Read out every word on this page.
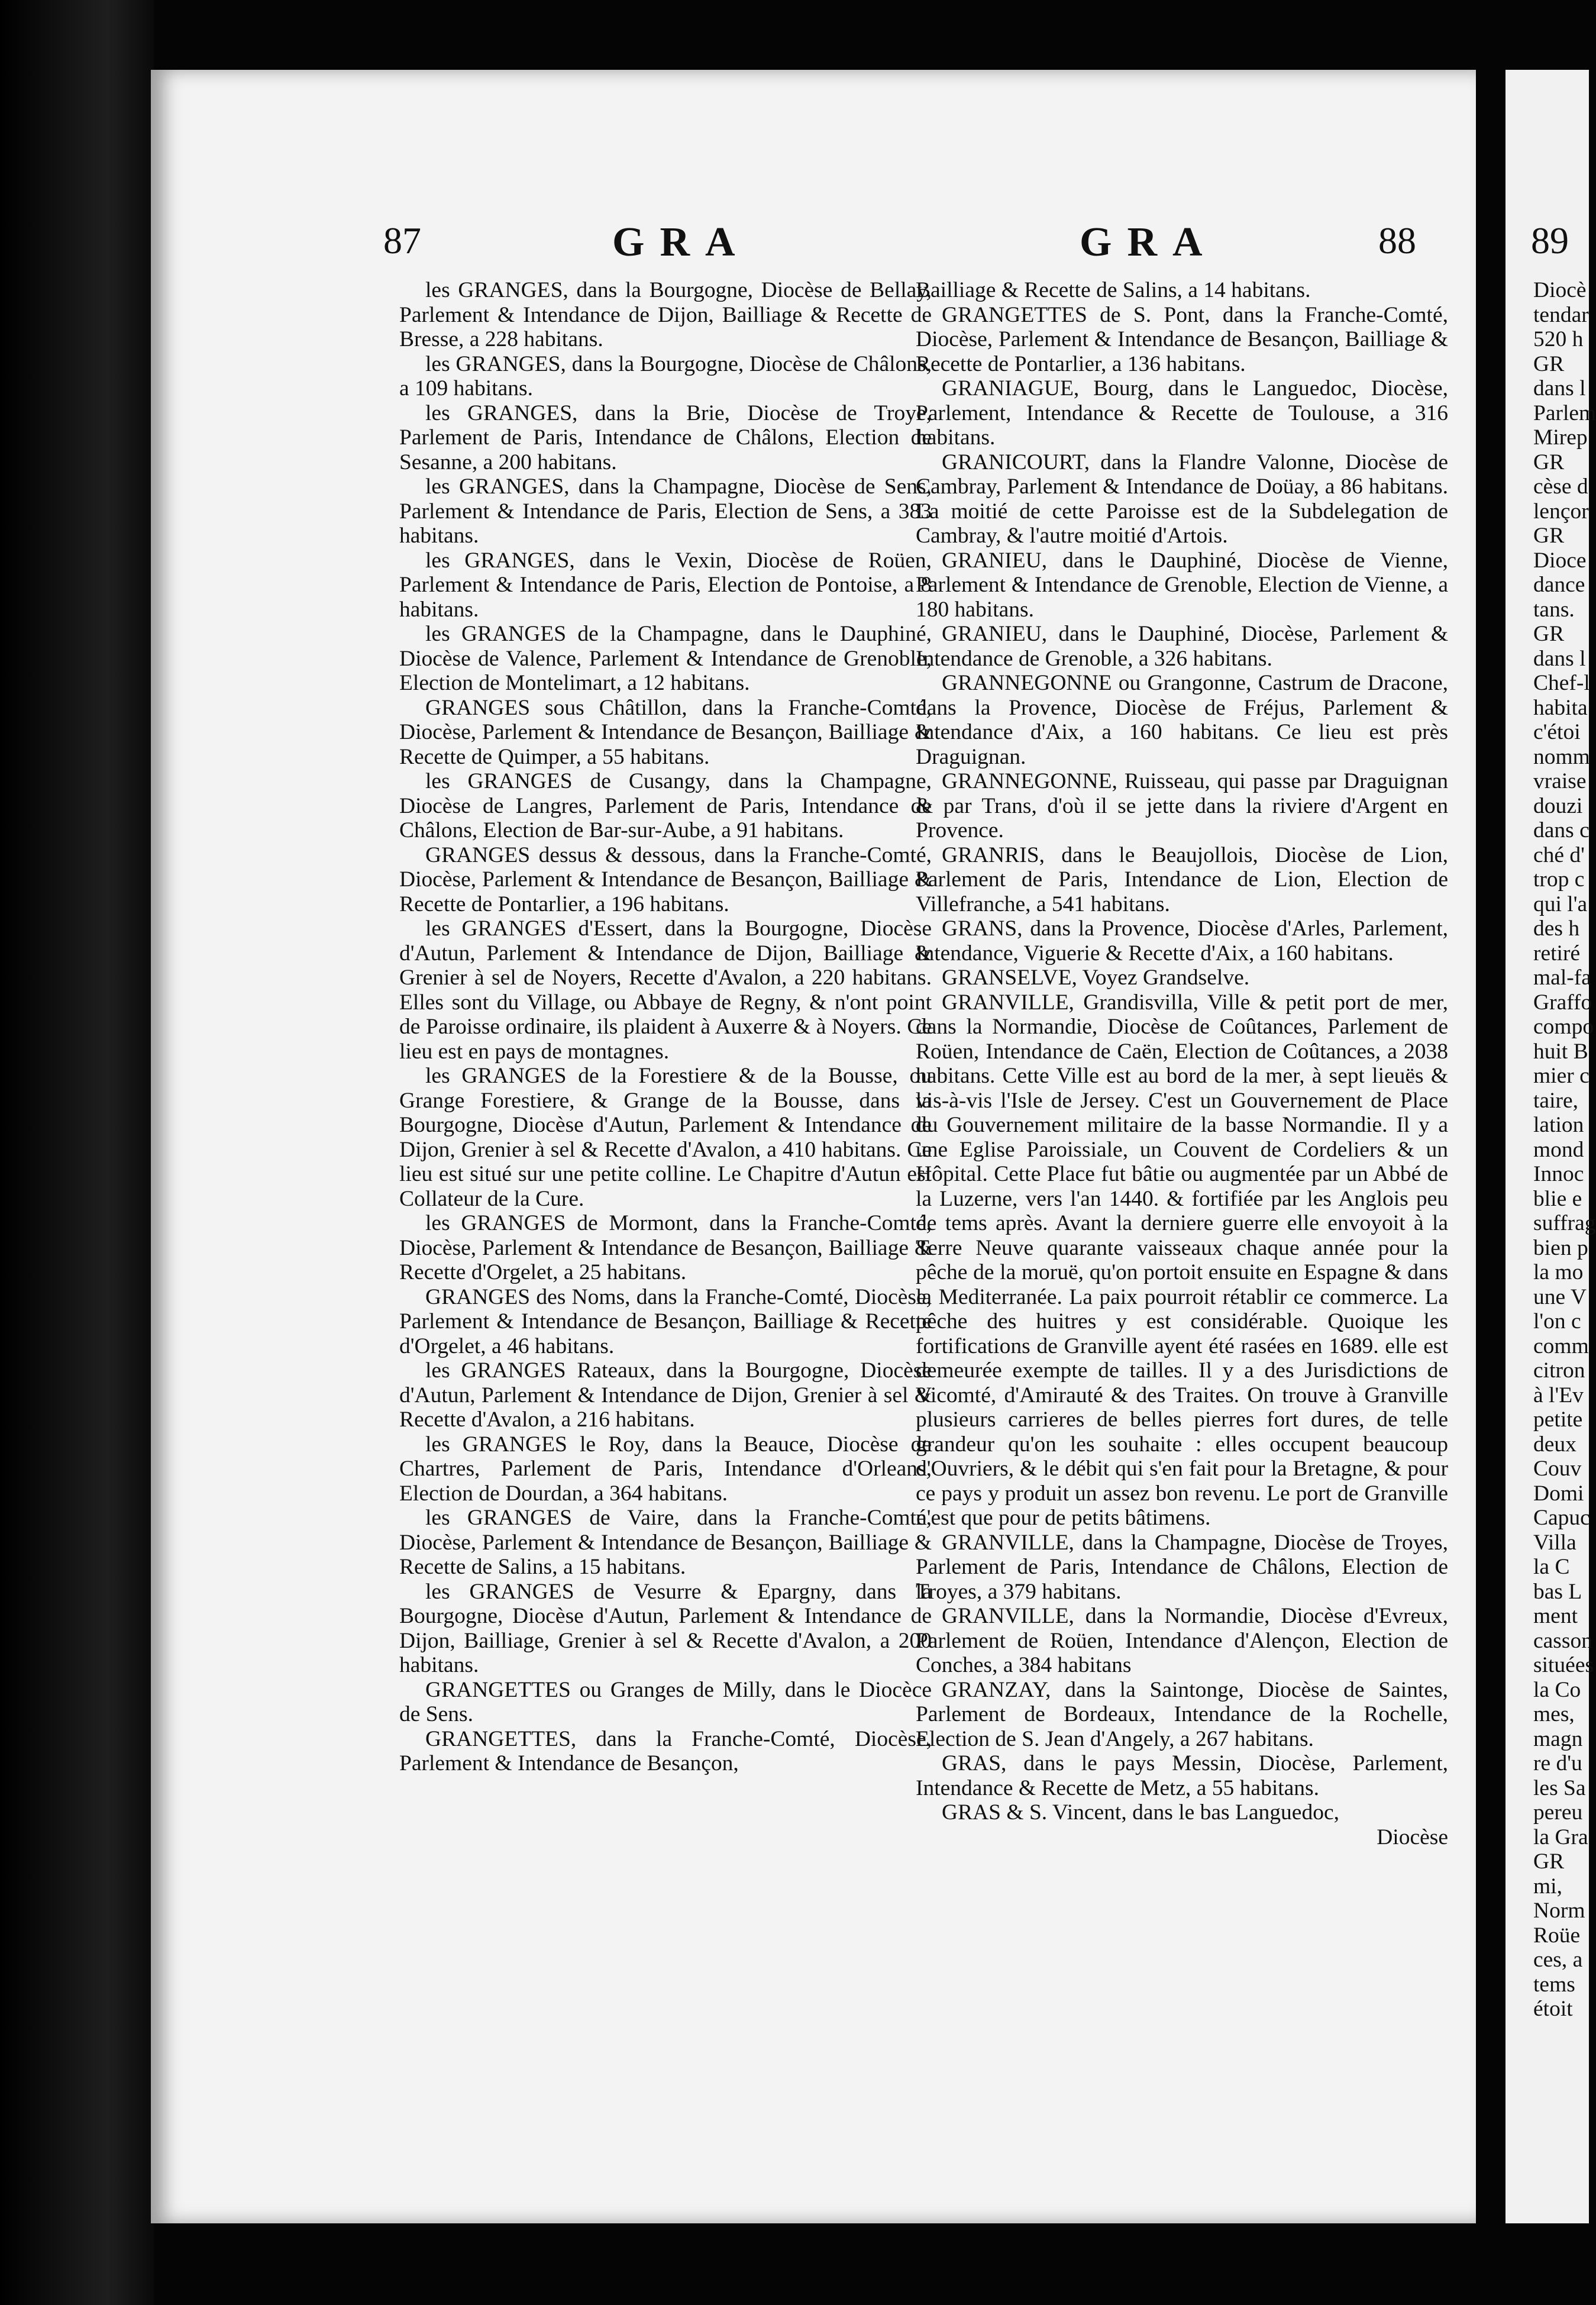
87	GRA	GRA	88	89

les GRANGES, dans la Bourgogne, Diocèse de Bellay, Parlement & Intendance de Dijon, Bailliage & Recette de Bresse, a 228 habitans.

les GRANGES, dans la Bourgogne, Diocèse de Châlons, a 109 habitans.

les GRANGES, dans la Brie, Diocèse de Troye, Parlement de Paris, Intendance de Châlons, Election de Sesanne, a 200 habitans.

les GRANGES, dans la Champagne, Diocèse de Sens, Parlement & Intendance de Paris, Election de Sens, a 383 habitans.

les GRANGES, dans le Vexin, Diocèse de Roüen, Parlement & Intendance de Paris, Election de Pontoise, a 8 habitans.

les GRANGES de la Champagne, dans le Dauphiné, Diocèse de Valence, Parlement & Intendance de Grenoble, Election de Montelimart, a 12 habitans.

GRANGES sous Châtillon, dans la Franche-Comté, Diocèse, Parlement & Intendance de Besançon, Bailliage & Recette de Quimper, a 55 habitans.

les GRANGES de Cusangy, dans la Champagne, Diocèse de Langres, Parlement de Paris, Intendance de Châlons, Election de Bar-sur-Aube, a 91 habitans.

GRANGES dessus & dessous, dans la Franche-Comté, Diocèse, Parlement & Intendance de Besançon, Bailliage & Recette de Pontarlier, a 196 habitans.

les GRANGES d'Essert, dans la Bourgogne, Diocèse d'Autun, Parlement & Intendance de Dijon, Bailliage & Grenier à sel de Noyers, Recette d'Avalon, a 220 habitans. Elles sont du Village, ou Abbaye de Regny, & n'ont point de Paroisse ordinaire, ils plaident à Auxerre & à Noyers. Ce lieu est en pays de montagnes.

les GRANGES de la Forestiere & de la Bousse, ou Grange Forestiere, & Grange de la Bousse, dans la Bourgogne, Diocèse d'Autun, Parlement & Intendance de Dijon, Grenier à sel & Recette d'Avalon, a 410 habitans. Ce lieu est situé sur une petite colline. Le Chapitre d'Autun est Collateur de la Cure.

les GRANGES de Mormont, dans la Franche-Comté, Diocèse, Parlement & Intendance de Besançon, Bailliage & Recette d'Orgelet, a 25 habitans.

GRANGES des Noms, dans la Franche-Comté, Diocèse, Parlement & Intendance de Besançon, Bailliage & Recette d'Orgelet, a 46 habitans.

les GRANGES Rateaux, dans la Bourgogne, Diocèse d'Autun, Parlement & Intendance de Dijon, Grenier à sel & Recette d'Avalon, a 216 habitans.

les GRANGES le Roy, dans la Beauce, Diocèse de Chartres, Parlement de Paris, Intendance d'Orleans, Election de Dourdan, a 364 habitans.

les GRANGES de Vaire, dans la Franche-Comté, Diocèse, Parlement & Intendance de Besançon, Bailliage & Recette de Salins, a 15 habitans.

les GRANGES de Vesurre & Epargny, dans la Bourgogne, Diocèse d'Autun, Parlement & Intendance de Dijon, Bailliage, Grenier à sel & Recette d'Avalon, a 200 habitans.

GRANGETTES ou Granges de Milly, dans le Diocèce de Sens.

GRANGETTES, dans la Franche-Comté, Diocèse, Parlement & Intendance de Besançon,

Bailliage & Recette de Salins, a 14 habitans.

GRANGETTES de S. Pont, dans la Franche-Comté, Diocèse, Parlement & Intendance de Besançon, Bailliage & Recette de Pontarlier, a 136 habitans.

GRANIAGUE, Bourg, dans le Languedoc, Diocèse, Parlement, Intendance & Recette de Toulouse, a 316 habitans.

GRANICOURT, dans la Flandre Valonne, Diocèse de Cambray, Parlement & Intendance de Doüay, a 86 habitans. La moitié de cette Paroisse est de la Subdelegation de Cambray, & l'autre moitié d'Artois.

GRANIEU, dans le Dauphiné, Diocèse de Vienne, Parlement & Intendance de Grenoble, Election de Vienne, a 180 habitans.

GRANIEU, dans le Dauphiné, Diocèse, Parlement & Intendance de Grenoble, a 326 habitans.

GRANNEGONNE ou Grangonne, Castrum de Dracone, dans la Provence, Diocèse de Fréjus, Parlement & Intendance d'Aix, a 160 habitans. Ce lieu est près Draguignan.

GRANNEGONNE, Ruisseau, qui passe par Draguignan & par Trans, d'où il se jette dans la riviere d'Argent en Provence.

GRANRIS, dans le Beaujollois, Diocèse de Lion, Parlement de Paris, Intendance de Lion, Election de Villefranche, a 541 habitans.

GRANS, dans la Provence, Diocèse d'Arles, Parlement, Intendance, Viguerie & Recette d'Aix, a 160 habitans.

GRANSELVE, Voyez Grandselve.

GRANVILLE, Grandisvilla, Ville & petit port de mer, dans la Normandie, Diocèse de Coûtances, Parlement de Roüen, Intendance de Caën, Election de Coûtances, a 2038 habitans. Cette Ville est au bord de la mer, à sept lieuës & vis-à-vis l'Isle de Jersey. C'est un Gouvernement de Place du Gouvernement militaire de la basse Normandie. Il y a une Eglise Paroissiale, un Couvent de Cordeliers & un Hôpital. Cette Place fut bâtie ou augmentée par un Abbé de la Luzerne, vers l'an 1440. & fortifiée par les Anglois peu de tems après. Avant la derniere guerre elle envoyoit à la Terre Neuve quarante vaisseaux chaque année pour la pêche de la moruë, qu'on portoit ensuite en Espagne & dans la Mediterranée. La paix pourroit rétablir ce commerce. La pêche des huitres y est considérable. Quoique les fortifications de Granville ayent été rasées en 1689. elle est demeurée exempte de tailles. Il y a des Jurisdictions de Vicomté, d'Amirauté & des Traites. On trouve à Granville plusieurs carrieres de belles pierres fort dures, de telle grandeur qu'on les souhaite : elles occupent beaucoup d'Ouvriers, & le débit qui s'en fait pour la Bretagne, & pour ce pays y produit un assez bon revenu. Le port de Granville n'est que pour de petits bâtimens.

GRANVILLE, dans la Champagne, Diocèse de Troyes, Parlement de Paris, Intendance de Châlons, Election de Troyes, a 379 habitans.

GRANVILLE, dans la Normandie, Diocèse d'Evreux, Parlement de Roüen, Intendance d'Alençon, Election de Conches, a 384 habitans

GRANZAY, dans la Saintonge, Diocèse de Saintes, Parlement de Bordeaux, Intendance de la Rochelle, Election de S. Jean d'Angely, a 267 habitans.

GRAS, dans le pays Messin, Diocèse, Parlement, Intendance & Recette de Metz, a 55 habitans.

GRAS & S. Vincent, dans le bas Languedoc,

Diocèse
Diocè
tendar
520 h
GR
dans l
Parlem
Mirep
GR
cèse d
lençor
GR
Dioce
dance
tans.
GR
dans l
Chef-l
habita
c'étoi
nomm
vraise
douzi
dans c
ché d'
trop c
qui l'a
des h
retiré
mal-fa
Graffo
compo
huit B
mier c
taire,
lation
mond
Innoc
blie e
suffrag
bien p
la mo
une V
l'on c
comm
citron
à l'Ev
petite
deux
Couv
Domi
Capuc
Villa
la C
bas L
ment
casson
situées
la Co
mes,
magn
re d'u
les Sa
pereu
la Gra
GR
mi,
Norm
Roüe
ces, a
tems
étoit
